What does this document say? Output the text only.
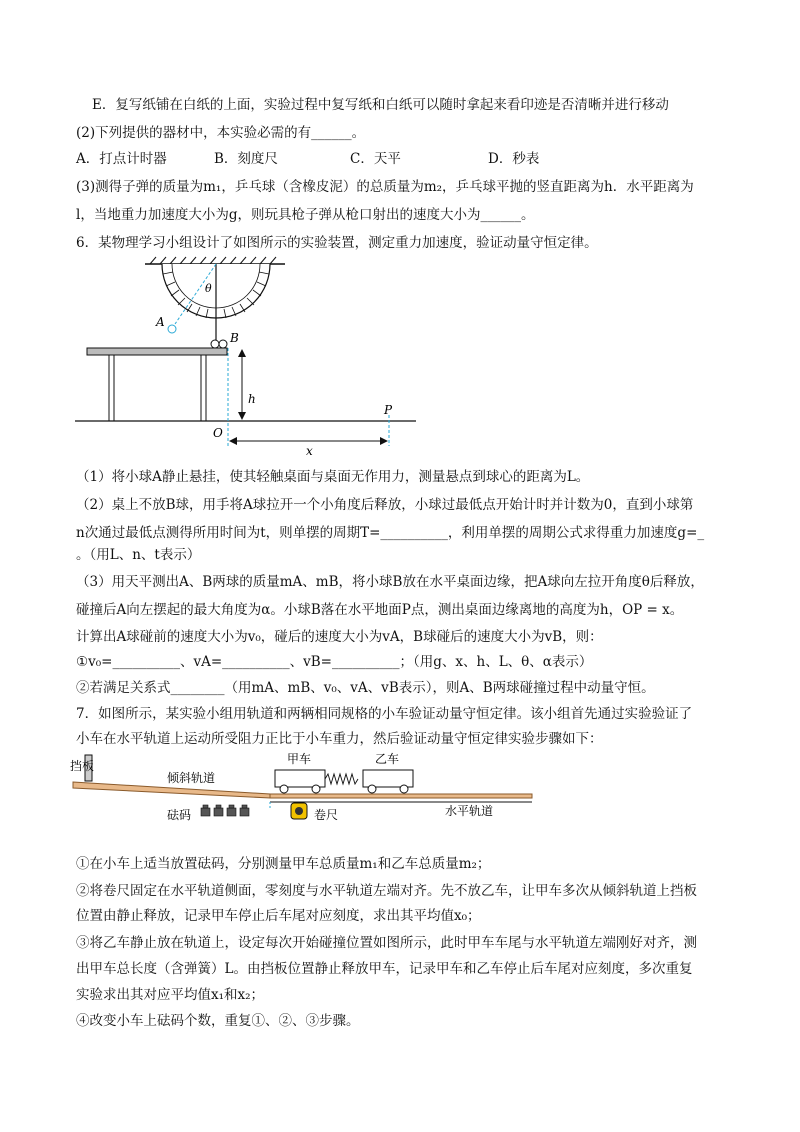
E．复写纸铺在白纸的上面，实验过程中复写纸和白纸可以随时拿起来看印迹是否清晰并进行移动
(2)下列提供的器材中，本实验必需的有______。
A．打点计时器	B．刻度尺	C．天平	D．秒表
(3)测得子弹的质量为m₁，乒乓球（含橡皮泥）的总质量为m₂，乒乓球平抛的竖直距离为h．水平距离为
l，当地重力加速度大小为g，则玩具枪子弹从枪口射出的速度大小为______。
6．某物理学习小组设计了如图所示的实验装置，测定重力加速度，验证动量守恒定律。
θ
A
B
h
O
P
x
（1）将小球A静止悬挂，使其轻触桌面与桌面无作用力，测量悬点到球心的距离为L。
（2）桌上不放B球，用手将A球拉开一个小角度后释放，小球过最低点开始计时并计数为0，直到小球第
n次通过最低点测得所用时间为t，则单摆的周期T=__________，利用单摆的周期公式求得重力加速度g=_
。（用L、n、t表示）
（3）用天平测出A、B两球的质量mA、mB，将小球B放在水平桌面边缘，把A球向左拉开角度θ后释放，
碰撞后A向左摆起的最大角度为α。小球B落在水平地面P点，测出桌面边缘离地的高度为h，OP = x。
计算出A球碰前的速度大小为v₀，碰后的速度大小为vA，B球碰后的速度大小为vB，则：
①v₀=__________、vA=__________、vB=__________；（用g、x、h、L、θ、α表示）
②若满足关系式________（用mA、mB、v₀、vA、vB表示），则A、B两球碰撞过程中动量守恒。
7．如图所示，某实验小组用轨道和两辆相同规格的小车验证动量守恒定律。该小组首先通过实验验证了
小车在水平轨道上运动所受阻力正比于小车重力，然后验证动量守恒定律实验步骤如下：
挡板
倾斜轨道
水平轨道
甲车	乙车
砝码	卷尺
①在小车上适当放置砝码，分别测量甲车总质量m₁和乙车总质量m₂；
②将卷尺固定在水平轨道侧面，零刻度与水平轨道左端对齐。先不放乙车，让甲车多次从倾斜轨道上挡板
位置由静止释放，记录甲车停止后车尾对应刻度，求出其平均值x₀；
③将乙车静止放在轨道上，设定每次开始碰撞位置如图所示，此时甲车车尾与水平轨道左端刚好对齐，测
出甲车总长度（含弹簧）L。由挡板位置静止释放甲车，记录甲车和乙车停止后车尾对应刻度，多次重复
实验求出其对应平均值x₁和x₂；
④改变小车上砝码个数，重复①、②、③步骤。
